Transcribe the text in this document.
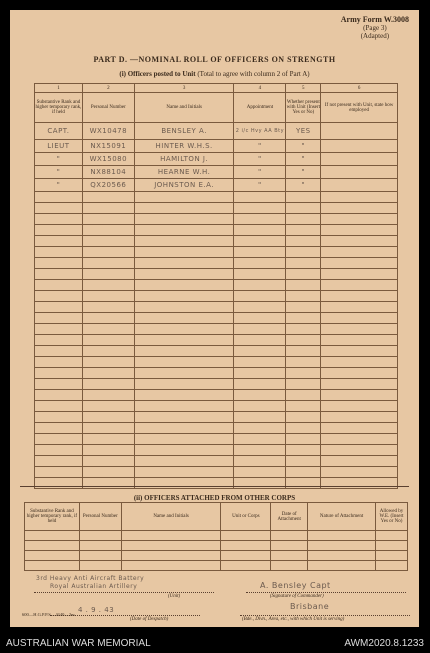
Army Form W.3008
(Page 3)
(Adapted)
PART D. —NOMINAL ROLL OF OFFICERS ON STRENGTH
(i) Officers posted to Unit (Total to agree with column 2 of Part A)
1	2	3	4	5	6
Substantive Rank and higher temporary rank, if held	Personal Number	Name and Initials	Appointment	Whether present with Unit (Insert Yes or No)	If not present with Unit, state how employed
CAPT.	WX10478	BENSLEY A.	2 i/c Hvy AA Bty	YES	
LIEUT	NX15091	HINTER W.H.S.	"	"	
"	WX15080	HAMILTON J.	"	"	
"	NX88104	HEARNE W.H.	"	"	
"	QX20566	JOHNSTON E.A.	"	"	

(ii) OFFICERS ATTACHED FROM OTHER CORPS
Substantive Rank and higher temporary rank, if held	Personal Number	Name and Initials	Unit or Corps	Date of Attachment	Nature of Attachment	Allowed by W.E. (Insert Yes or No)

3rd Heavy Anti Aircraft Battery
Royal Australian Artillery
(Unit)
A. Bensley Capt
(Signature of Commander)
4 . 9 . 43
(Date of Despatch)
Brisbane
(Bde., Divn., Area, etc., with which Unit is serving)
600—H.G.P.P.S.—8/40—2m.
AUSTRALIAN WAR MEMORIAL	AWM2020.8.1233
